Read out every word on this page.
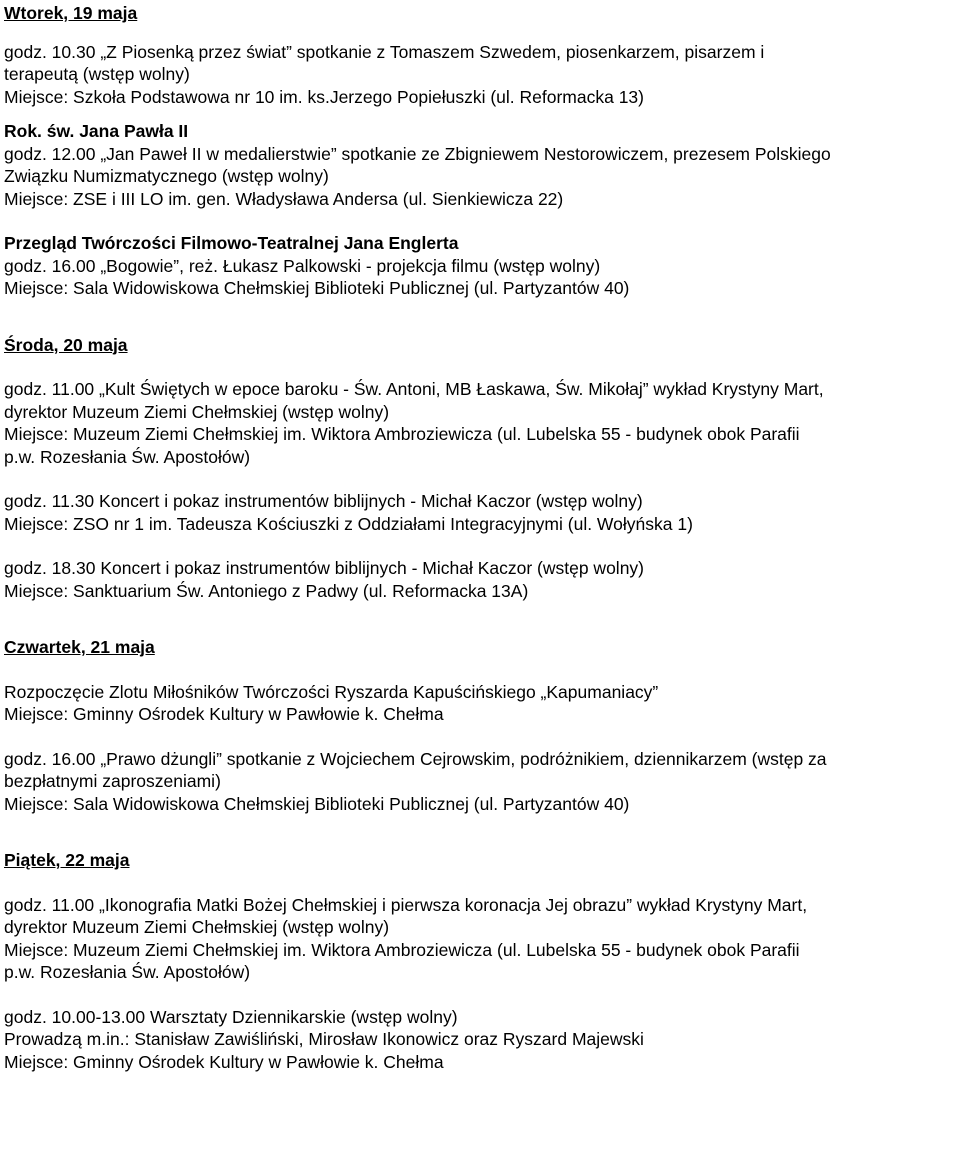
Wtorek, 19 maja
godz. 10.30 „Z Piosenką przez świat” spotkanie z Tomaszem Szwedem, piosenkarzem, pisarzem i
terapeutą (wstęp wolny)
Miejsce: Szkoła Podstawowa nr 10 im. ks.Jerzego Popiełuszki (ul. Reformacka 13)
Rok. św. Jana Pawła II
godz. 12.00 „Jan Paweł II w medalierstwie” spotkanie ze Zbigniewem Nestorowiczem, prezesem Polskiego
Związku Numizmatycznego (wstęp wolny)
Miejsce: ZSE i III LO im. gen. Władysława Andersa (ul. Sienkiewicza 22)
Przegląd Twórczości Filmowo-Teatralnej Jana Englerta
godz. 16.00 „Bogowie”, reż. Łukasz Palkowski - projekcja filmu (wstęp wolny)
Miejsce: Sala Widowiskowa Chełmskiej Biblioteki Publicznej (ul. Partyzantów 40)
Środa, 20 maja
godz. 11.00 „Kult Świętych w epoce baroku - Św. Antoni, MB Łaskawa, Św. Mikołaj” wykład Krystyny Mart,
dyrektor Muzeum Ziemi Chełmskiej (wstęp wolny)
Miejsce: Muzeum Ziemi Chełmskiej im. Wiktora Ambroziewicza (ul. Lubelska 55 - budynek obok Parafii
p.w. Rozesłania Św. Apostołów)
godz. 11.30 Koncert i pokaz instrumentów biblijnych - Michał Kaczor (wstęp wolny)
Miejsce: ZSO nr 1 im. Tadeusza Kościuszki z Oddziałami Integracyjnymi (ul. Wołyńska 1)
godz. 18.30 Koncert i pokaz instrumentów biblijnych - Michał Kaczor (wstęp wolny)
Miejsce: Sanktuarium Św. Antoniego z Padwy (ul. Reformacka 13A)
Czwartek, 21 maja
Rozpoczęcie Zlotu Miłośników Twórczości Ryszarda Kapuścińskiego „Kapumaniacy”
Miejsce: Gminny Ośrodek Kultury w Pawłowie k. Chełma
godz. 16.00 „Prawo dżungli” spotkanie z Wojciechem Cejrowskim, podróżnikiem, dziennikarzem (wstęp za
bezpłatnymi zaproszeniami)
Miejsce: Sala Widowiskowa Chełmskiej Biblioteki Publicznej (ul. Partyzantów 40)
Piątek, 22 maja
godz. 11.00 „Ikonografia Matki Bożej Chełmskiej i pierwsza koronacja Jej obrazu” wykład Krystyny Mart,
dyrektor Muzeum Ziemi Chełmskiej (wstęp wolny)
Miejsce: Muzeum Ziemi Chełmskiej im. Wiktora Ambroziewicza (ul. Lubelska 55 - budynek obok Parafii
p.w. Rozesłania Św. Apostołów)
godz. 10.00-13.00 Warsztaty Dziennikarskie (wstęp wolny)
Prowadzą m.in.: Stanisław Zawiśliński, Mirosław Ikonowicz oraz Ryszard Majewski
Miejsce: Gminny Ośrodek Kultury w Pawłowie k. Chełma
